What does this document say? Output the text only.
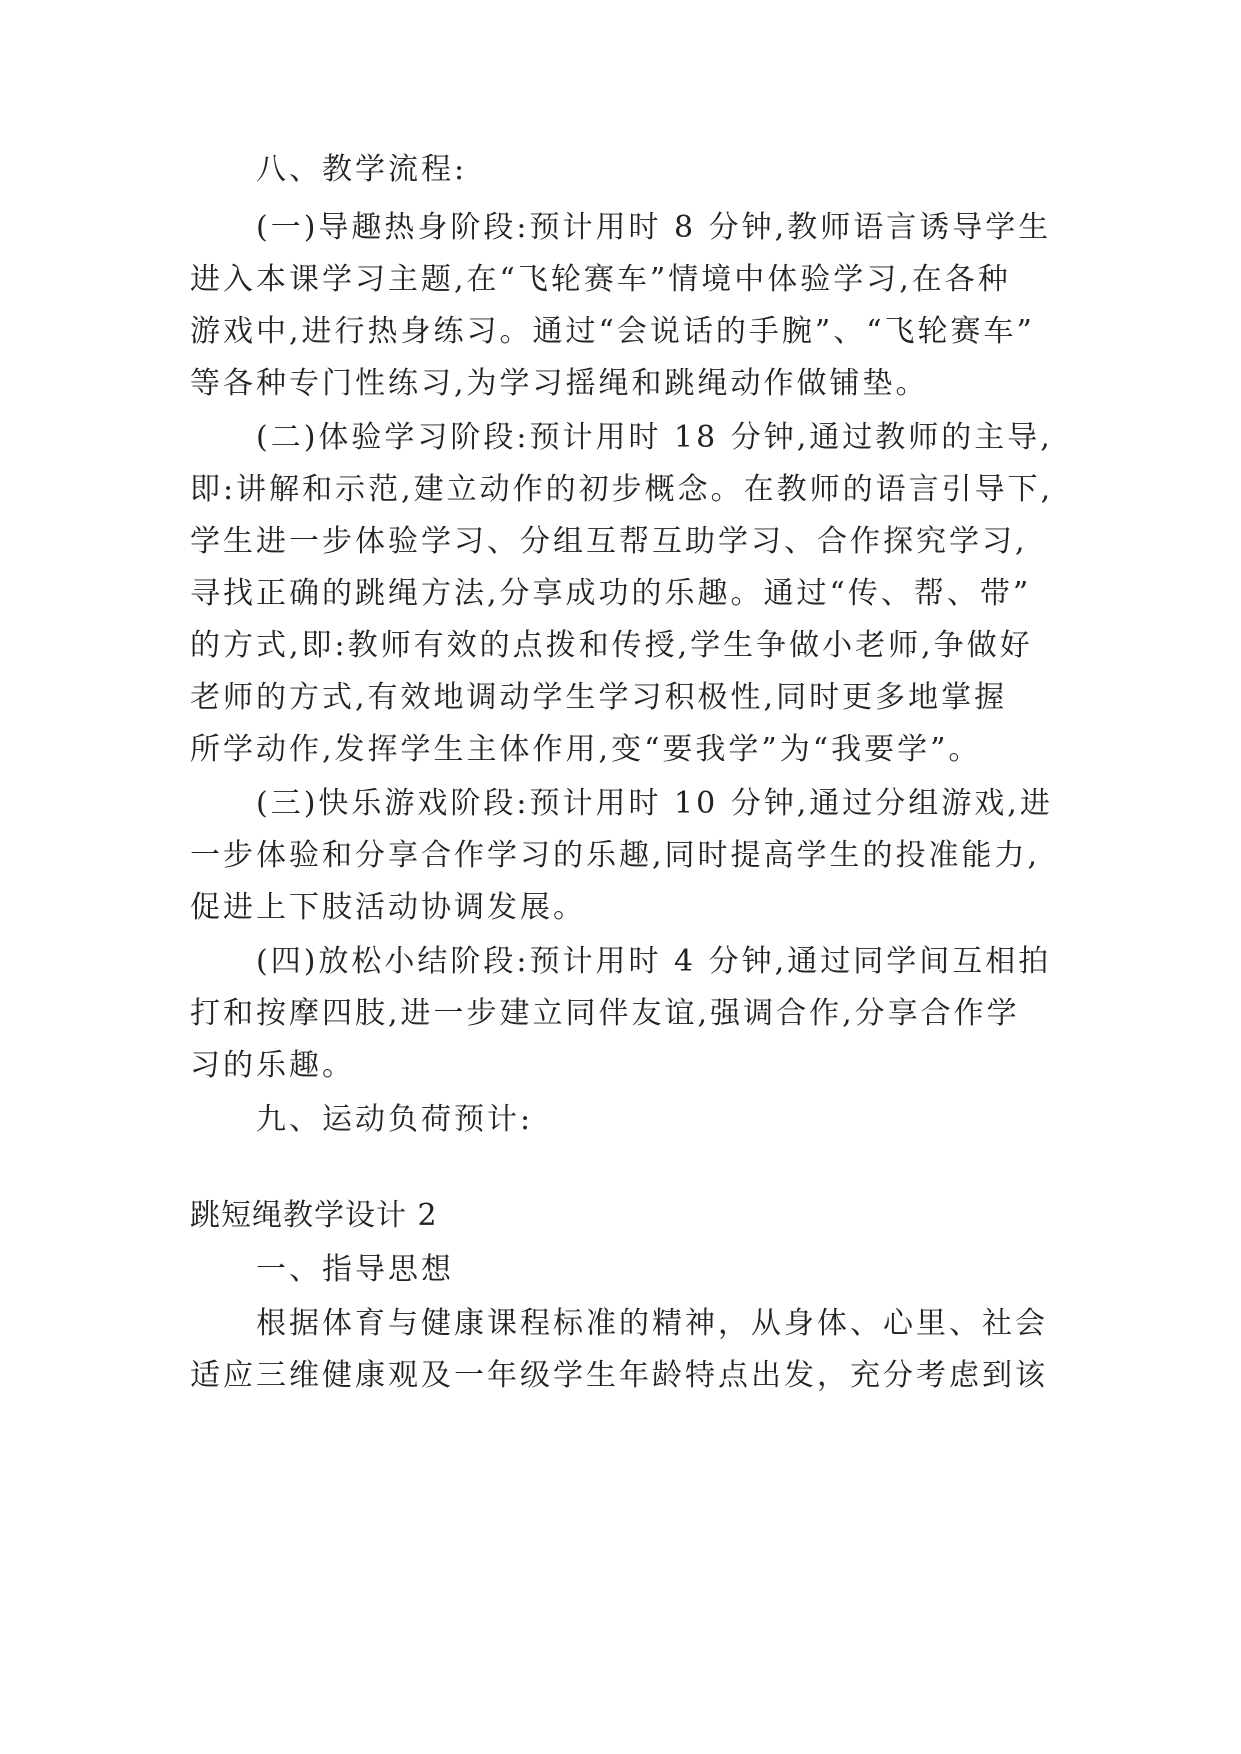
八、教学流程:

(一)导趣热身阶段:预计用时 8 分钟,教师语言诱导学生

进入本课学习主题,在“飞轮赛车”情境中体验学习,在各种

游戏中,进行热身练习。通过“会说话的手腕”、“飞轮赛车”

等各种专门性练习,为学习摇绳和跳绳动作做铺垫。

(二)体验学习阶段:预计用时 18 分钟,通过教师的主导,

即:讲解和示范,建立动作的初步概念。在教师的语言引导下,

学生进一步体验学习、分组互帮互助学习、合作探究学习,

寻找正确的跳绳方法,分享成功的乐趣。通过“传、帮、带”

的方式,即:教师有效的点拨和传授,学生争做小老师,争做好

老师的方式,有效地调动学生学习积极性,同时更多地掌握

所学动作,发挥学生主体作用,变“要我学”为“我要学”。

(三)快乐游戏阶段:预计用时 10 分钟,通过分组游戏,进

一步体验和分享合作学习的乐趣,同时提高学生的投准能力,

促进上下肢活动协调发展。

(四)放松小结阶段:预计用时 4 分钟,通过同学间互相拍

打和按摩四肢,进一步建立同伴友谊,强调合作,分享合作学

习的乐趣。

九、运动负荷预计:

跳短绳教学设计 2

一、指导思想

根据体育与健康课程标准的精神，从身体、心里、社会

适应三维健康观及一年级学生年龄特点出发，充分考虑到该
